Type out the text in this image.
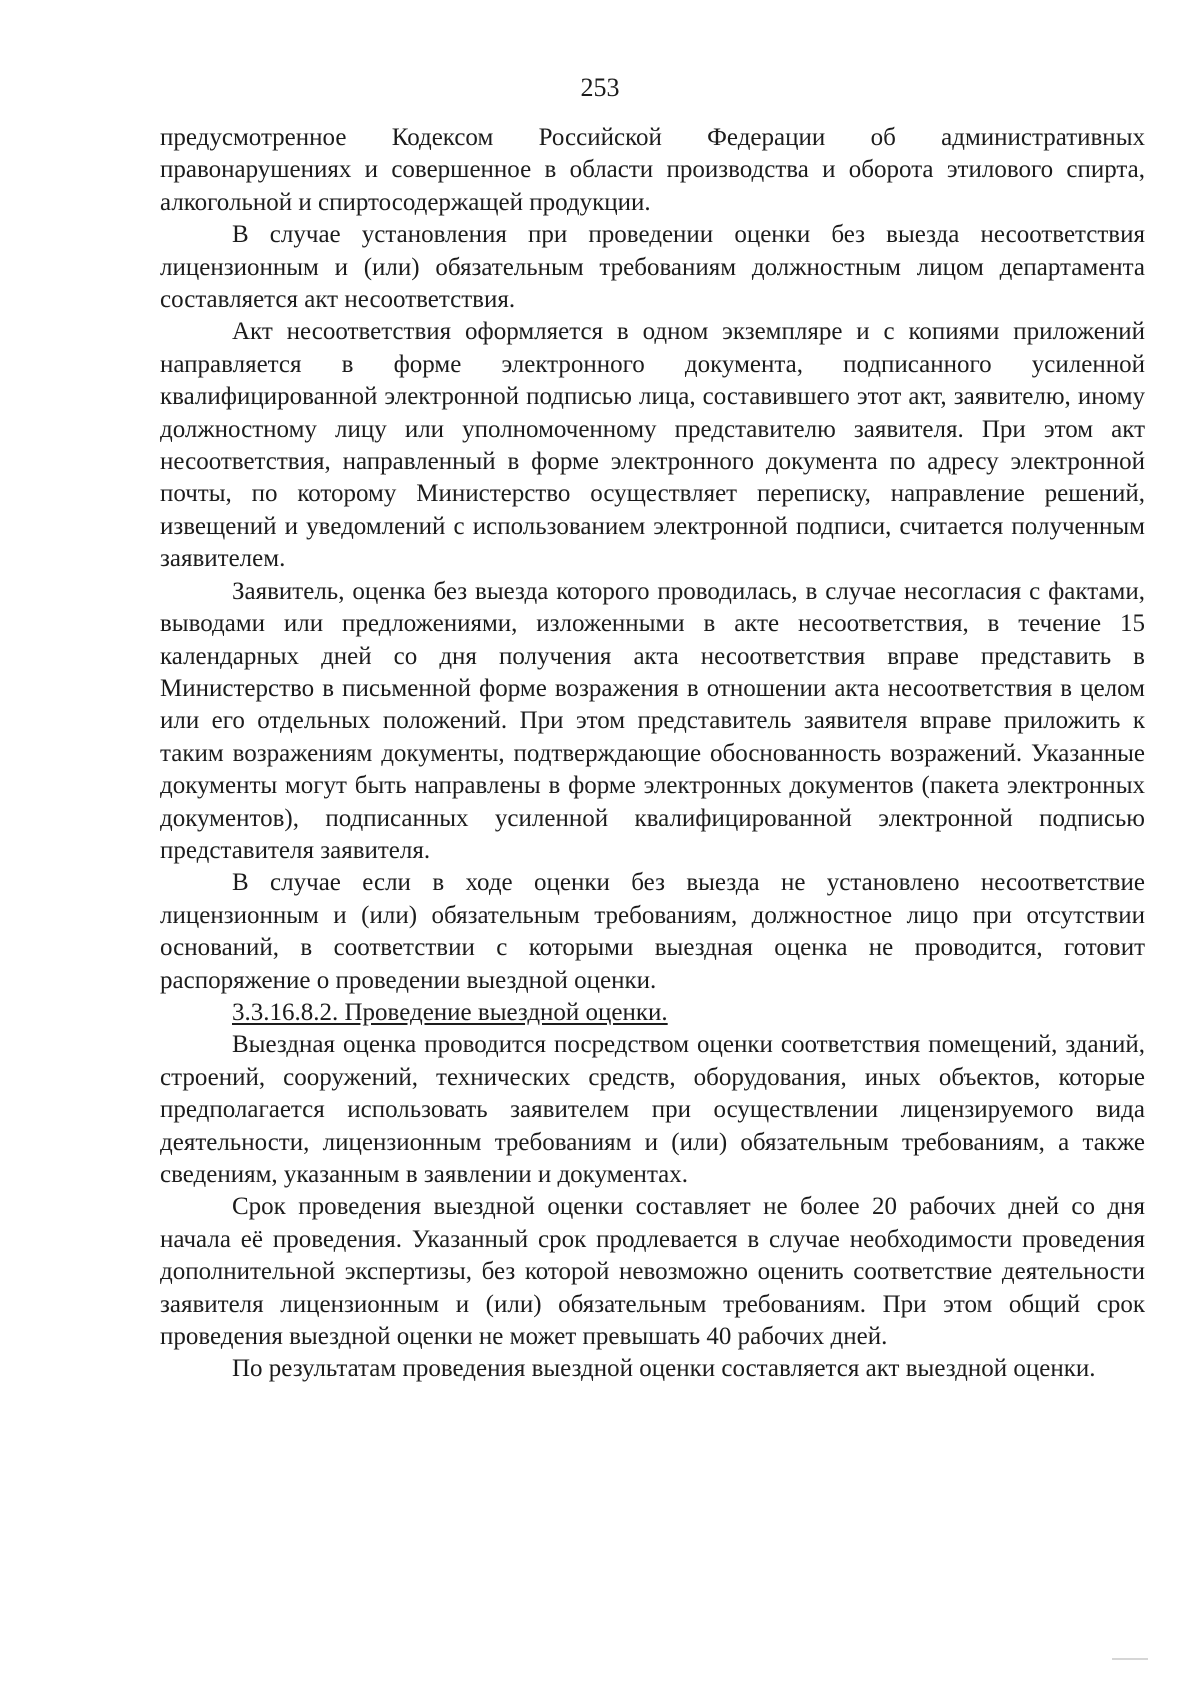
253

предусмотренное Кодексом Российской Федерации об административных правонарушениях и совершенное в области производства и оборота этилового спирта, алкогольной и спиртосодержащей продукции.

В случае установления при проведении оценки без выезда несоответствия лицензионным и (или) обязательным требованиям должностным лицом департамента составляется акт несоответствия.

Акт несоответствия оформляется в одном экземпляре и с копиями приложений направляется в форме электронного документа, подписанного усиленной квалифицированной электронной подписью лица, составившего этот акт, заявителю, иному должностному лицу или уполномоченному представителю заявителя. При этом акт несоответствия, направленный в форме электронного документа по адресу электронной почты, по которому Министерство осуществляет переписку, направление решений, извещений и уведомлений с использованием электронной подписи, считается полученным заявителем.

Заявитель, оценка без выезда которого проводилась, в случае несогласия с фактами, выводами или предложениями, изложенными в акте несоответствия, в течение 15 календарных дней со дня получения акта несоответствия вправе представить в Министерство в письменной форме возражения в отношении акта несоответствия в целом или его отдельных положений. При этом представитель заявителя вправе приложить к таким возражениям документы, подтверждающие обоснованность возражений. Указанные документы могут быть направлены в форме электронных документов (пакета электронных документов), подписанных усиленной квалифицированной электронной подписью представителя заявителя.

В случае если в ходе оценки без выезда не установлено несоответствие лицензионным и (или) обязательным требованиям, должностное лицо при отсутствии оснований, в соответствии с которыми выездная оценка не проводится, готовит распоряжение о проведении выездной оценки.

3.3.16.8.2. Проведение выездной оценки.

Выездная оценка проводится посредством оценки соответствия помещений, зданий, строений, сооружений, технических средств, оборудования, иных объектов, которые предполагается использовать заявителем при осуществлении лицензируемого вида деятельности, лицензионным требованиям и (или) обязательным требованиям, а также сведениям, указанным в заявлении и документах.

Срок проведения выездной оценки составляет не более 20 рабочих дней со дня начала её проведения. Указанный срок продлевается в случае необходимости проведения дополнительной экспертизы, без которой невозможно оценить соответствие деятельности заявителя лицензионным и (или) обязательным требованиям. При этом общий срок проведения выездной оценки не может превышать 40 рабочих дней.

По результатам проведения выездной оценки составляется акт выездной оценки.
